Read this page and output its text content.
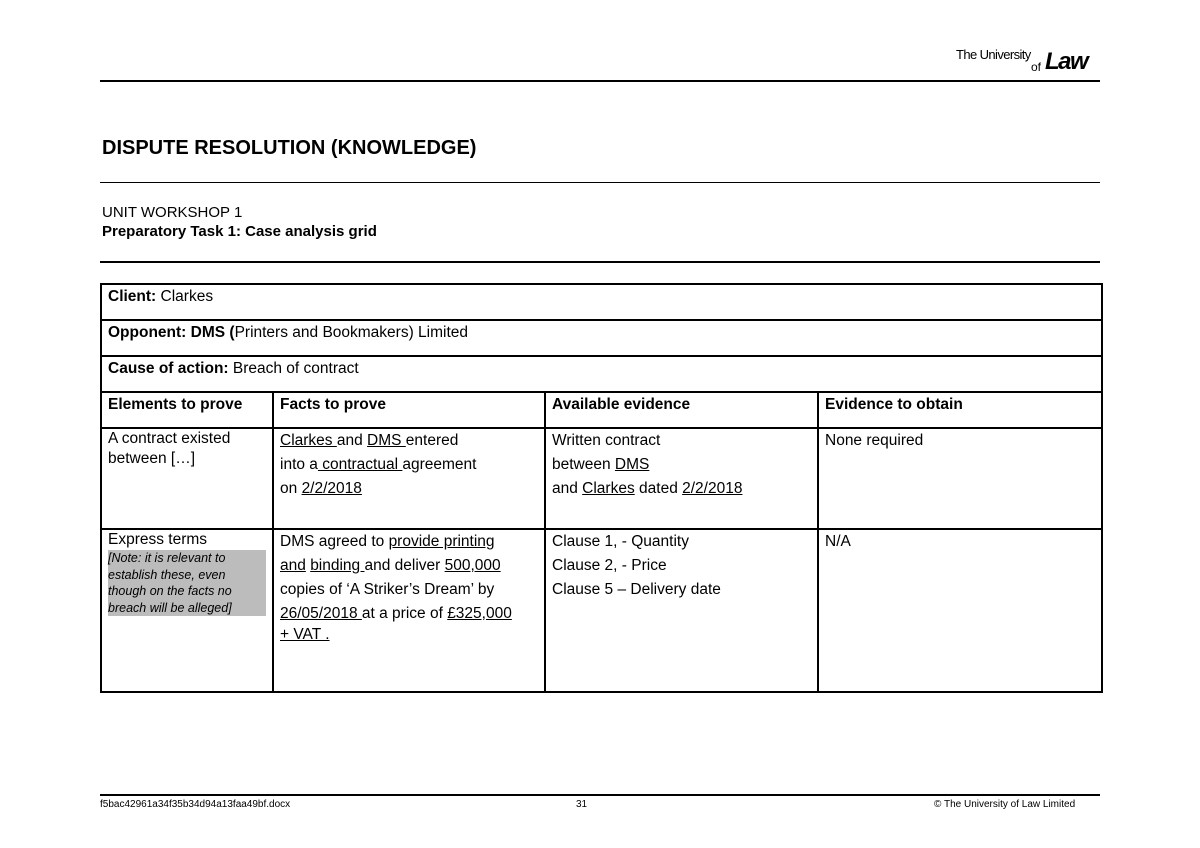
The University
of Law
DISPUTE RESOLUTION (KNOWLEDGE)
UNIT WORKSHOP 1
Preparatory Task 1: Case analysis grid
Client: Clarkes			
Opponent: DMS (Printers and Bookmakers) Limited			
Cause of action: Breach of contract			
Elements to prove	Facts to prove	Available evidence	Evidence to obtain

A contract existed between […]	Clarkes and DMS entered
into a contractual agreement
on 2/2/2018	Written contract
between DMS
and Clarkes dated 2/2/2018	None required

Express terms
[Note: it is relevant to establish these, even though on the facts no breach will be alleged]	DMS agreed to provide printing
and binding and deliver 500,000
copies of ‘A Striker’s Dream’ by
26/05/2018 at a price of £325,000
+ VAT .	Clause 1, - Quantity
Clause 2, - Price
Clause 5 – Delivery date	N/A
f5bac42961a34f35b34d94a13faa49bf.docx	31	© The University of Law Limited
